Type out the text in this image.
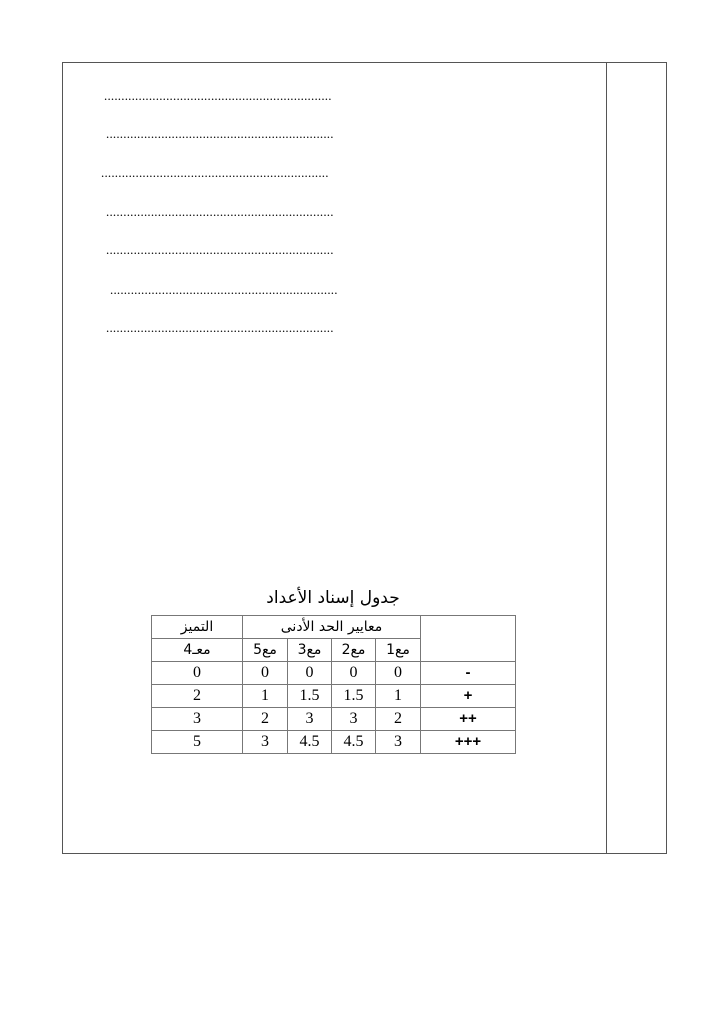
..................................................................
..................................................................
..................................................................
..................................................................
..................................................................
..................................................................
..................................................................
جدول إسناد الأعداد
	معايير الحد الأدنى				التميز
	مع1	مع2	مع3	مع5	معـ4
-	0	0	0	0	0
+	1	1.5	1.5	1	2
++	2	3	3	2	3
+++	3	4.5	4.5	3	5
